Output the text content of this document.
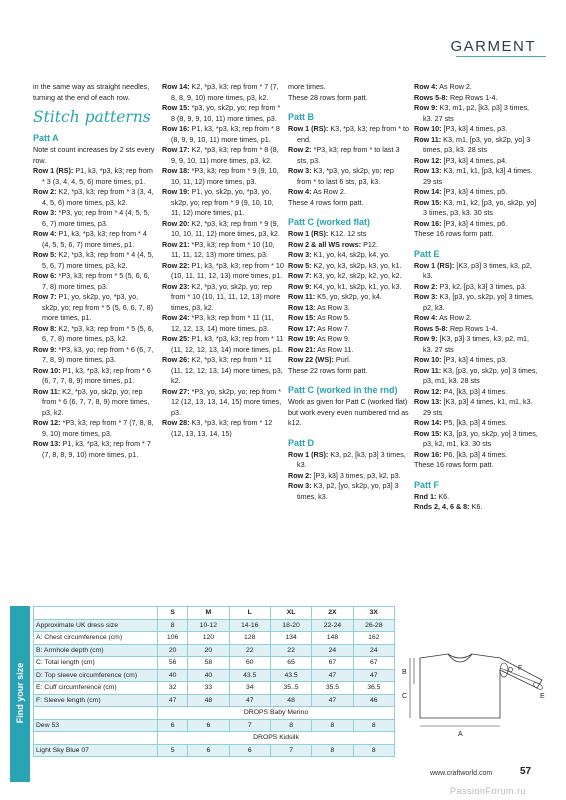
GARMENT

in the same way as straight needles, turning at the end of each row.

Stitch patterns
Patt A

Note st count increases by 2 sts every row.

Row 1 (RS): P1, k3, *p3, k3; rep from * 3 (3, 4, 4, 5, 6) more times, p1.

Row 2: K2, *p3, k3; rep from * 3 (3, 4, 4, 5, 6) more times, p3, k2.

Row 3: *P3, yo; rep from * 4 (4, 5, 5, 6, 7) more times, p3.

Row 4: P1, k3, *p3, k3; rep from * 4 (4, 5, 5, 6, 7) more times, p1.

Row 5: K2, *p3, k3; rep from * 4 (4, 5, 5, 6, 7) more times, p3, k2.

Row 6: *P3, k3; rep from * 5 (5, 6, 6, 7, 8) more times, p3.

Row 7: P1, yo, sk2p, yo, *p3, yo, sk2p, yo; rep from * 5 (5, 6, 6, 7, 8) more times, p1.

Row 8: K2, *p3, k3; rep from * 5 (5, 6, 6, 7, 8) more times, p3, k2.

Row 9: *P3, k3, yo; rep from * 6 (6, 7, 7, 8, 9) more times, p3.

Row 10: P1, k3, *p3, k3; rep from * 6 (6, 7, 7, 8, 9) more times, p1.

Row 11: K2, *p3, yo, sk2p, yo; rep from * 6 (6, 7, 7, 8, 9) more times, p3, k2.

Row 12: *P3, k3; rep from * 7 (7, 8, 8, 9, 10) more times, p3.

Row 13: P1, k3, *p3, k3; rep from * 7 (7, 8, 8, 9, 10) more times, p1.

Row 14: K2, *p3, k3; rep from * 7 (7, 8, 8, 9, 10) more times, p3, k2.

Row 15: *p3, yo, sk2p, yo; rep from * 8 (8, 9, 9, 10, 11) more times, p3.

Row 16: P1, k3, *p3, k3; rep from * 8 (8, 9, 9, 10, 11) more times, p1.

Row 17: K2, *p3, k3; rep from * 8 (8, 9, 9, 10, 11) more times, p3, k2.

Row 18: *P3, k3; rep from * 9 (9, 10, 10, 11, 12) more times, p3.

Row 19: P1, yo, sk2p, yo, *p3, yo, sk2p, yo; rep from * 9 (9, 10, 10, 11, 12) more times, p1.

Row 20: K2, *p3, k3; rep from * 9 (9, 10, 10, 11, 12) more times, p3, k2.

Row 21: *P3, k3; rep from * 10 (10, 11, 11, 12, 13) more times, p3.

Row 22: P1, k3, *p3, k3; rep from * 10 (10, 11, 11, 12, 13) more times, p1.

Row 23: K2, *p3, yo, sk2p, yo; rep from * 10 (10, 11, 11, 12, 13) more times, p3, k2.

Row 24: *P3, k3; rep from * 11 (11, 12, 12, 13, 14) more times, p3.

Row 25: P1, k3, *p3, k3; rep from * 11 (11, 12, 12, 13, 14) more times, p1.

Row 26: K2, *p3, k3; rep from * 11 (11, 12, 12, 13, 14) more times, p3, k2.

Row 27: *P3, yo, sk2p, yo; rep from * 12 (12, 13, 13, 14, 15) more times, p3.

Row 28: K3, *p3, k3; rep from * 12 (12, 13, 13, 14, 15)

more times.

These 28 rows form patt.

Patt B

Row 1 (RS): K3, *p3, k3; rep from * to end.

Row 2: *P3, k3; rep from * to last 3 sts, p3.

Row 3: K3, *p3, yo, sk2p, yo; rep from * to last 6 sts, p3, k3.

Row 4: As Row 2.

These 4 rows form patt.

Patt C (worked flat)

Row 1 (RS): K12. 12 sts

Row 2 & all WS rows: P12.

Row 3: K1, yo, k4, sk2p, k4, yo.

Row 5: K2, yo, k3, sk2p, k3, yo, k1.

Row 7: K3, yo, k2, sk2p, k2, yo, k2.

Row 9: K4, yo, k1, sk2p, k1, yo, k3.

Row 11: K5, yo, sk2p, yo, k4.

Row 13: As Row 3.

Row 15: As Row 5.

Row 17: As Row 7.

Row 19: As Row 9.

Row 21: As Row 11.

Row 22 (WS): Purl.

These 22 rows form patt.

Patt C (worked in the rnd)

Work as given for Patt C (worked flat) but work every even numbered rnd as k12.

Patt D

Row 1 (RS): K3, p2, [k3, p3] 3 times, k3.

Row 2: [P3, k3] 3 times, p3, k2, p3.

Row 3: K3, p2, [yo, sk2p, yo, p3] 3 times, k3.

Row 4: As Row 2.

Rows 5-8: Rep Rows 1-4.

Row 9: K3, m1, p2, [k3, p3] 3 times, k3. 27 sts

Row 10: [P3, k3] 4 times, p3.

Row 11: K3, m1, [p3, yo, sk2p, yo] 3 times, p3, k3. 28 sts

Row 12: [P3, k3] 4 times, p4.

Row 13: K3, m1, k1, [p3, k3] 4 times. 29 sts

Row 14: [P3, k3] 4 times, p5.

Row 15: K3, m1, k2, [p3, yo, sk2p, yo] 3 times, p3, k3. 30 sts

Row 16: [P3, k3] 4 times, p6.

These 16 rows form patt.

Patt E

Row 1 (RS): [K3, p3] 3 times, k3, p2, k3.

Row 2: P3, k2, [p3, k3] 3 times, p3.

Row 3: K3, [p3, yo, sk2p, yo] 3 times, p2, k3.

Row 4: As Row 2.

Rows 5-8: Rep Rows 1-4.

Row 9: [K3, p3] 3 times, k3, p2, m1, k3. 27 sts

Row 10: [P3, k3] 4 times, p3.

Row 11: K3, [p3, yo, sk2p, yo] 3 times, p3, m1, k3. 28 sts

Row 12: P4, [k3, p3] 4 times.

Row 13: [K3, p3] 4 times, k1, m1, k3. 29 sts

Row 14: P5, [k3, p3] 4 times.

Row 15: K3, [p3, yo, sk2p, yo] 3 times, p3, k2, m1, k3. 30 sts

Row 16: P6, [k3, p3] 4 times.

These 16 rows form patt.

Patt F

Rnd 1: K6.

Rnds 2, 4, 6 & 8: K6.

Find your size
	S	M	L	XL	2X	3X
Approximate UK dress size	8	10-12	14-16	18-20	22-24	26-28
A: Chest circumference (cm)	106	120	128	134	148	162
B: Armhole depth (cm)	20	20	22	22	24	24
C: Total length (cm)	56	58	60	65	67	67
D: Top sleeve circumference (cm)	40	40	43.5	43.5	47	47
E: Cuff circumference (cm)	32	33	34	35..5	35.5	36.5
F: Sleeve length (cm)	47	48	47	48	47	46
	DROPS Baby Merino					
Dew 53	6	6	7	8	8	8
	DROPS Kidsilk					
Light Sky Blue 07	5	6	6	7	8	8
A
B
C
D
E
F
www.craftworld.com	57
PassionForum.ru
